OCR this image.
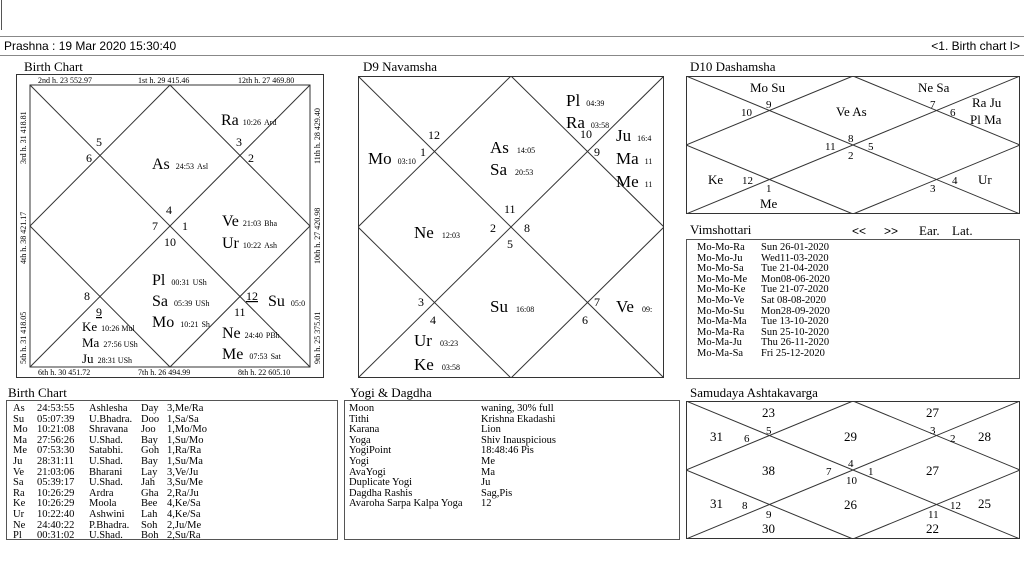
Prashna : 19 Mar 2020 15:30:40	<1. Birth chart I>
Birth Chart
2nd h. 23 552.97	1st h. 29 415.46	12th h. 27 469.80
6th h. 30 451.72	7th h. 26 494.99	8th h. 22 605.10
3rd h. 31 418.81
4th h. 38 421.17
5th h. 31 418.05
11th h. 28 429.40
10th h. 27 420.98
9th h. 25 375.01
5
6
3
2
4
7 1
10
8
9
12
11
Ra 10:26 Ard
As 24:53 Asl
Ve 21:03 Bha
Ur 10:22 Ash
Pl 00:31 USh
Sa 05:39 USh
Mo 10:21 Sh
Su 05:0
Ne 24:40 PBh
Me 07:53 Sat
Ke 10:26 Mul
Ma 27:56 USh
Ju 28:31 USh
D9 Navamsha
12
1
10
9
2 8
11
5
3
4
7
6
Pl 04:39
Ra 03:58
Ju 16:4
Ma 11
Me 11
Mo 03:10
As 14:05
Sa 20:53
Ne 12:03
Su 16:08	Ve 09:
Ur 03:23
Ke 03:58
D10 Dashamsha
9
10
7
6
8
11	5
2
12
1	3
4
Mo Su	Ne Sa
Ra Ju
Pl Ma
Ve As
Ke
Me
Ur
Vimshottari	<< >> Ear. Lat.
Mo-Mo-Ra Sun 26-01-2020
Mo-Mo-Ju Wed11-03-2020
Mo-Mo-Sa Tue 21-04-2020
Mo-Mo-Me Mon08-06-2020
Mo-Mo-Ke Tue 21-07-2020
Mo-Mo-Ve Sat 08-08-2020
Mo-Mo-Su Mon28-09-2020
Mo-Ma-Ma Tue 13-10-2020
Mo-Ma-Ra Sun 25-10-2020
Mo-Ma-Ju Thu 26-11-2020
Mo-Ma-Sa Fri 25-12-2020
Birth Chart
As 24:53:55 Ashlesha Day 3,Me/Ra
Su 05:07:39 U.Bhadra. Doo 1,Sa/Sa
Mo 10:21:08 Shravana Joo 1,Mo/Mo
Ma 27:56:26 U.Shad. Bay 1,Su/Mo
Me 07:53:30 Satabhi. Goh 1,Ra/Ra
Ju 28:31:11 U.Shad. Bay 1,Su/Ma
Ve 21:03:06 Bharani Lay 3,Ve/Ju
Sa 05:39:17 U.Shad. Jah 3,Su/Me
Ra 10:26:29 Ardra	Gha 2,Ra/Ju
Ke 10:26:29 Moola Bee 4,Ke/Sa
Ur 10:22:40 Ashwini Lah 4,Ke/Sa
Ne 24:40:22 P.Bhadra. Soh 2,Ju/Me
Pl 00:31:02 U.Shad. Boh 2,Su/Ra
Yogi & Dagdha
Moon	waning, 30% full
Tithi	Krishna Ekadashi
Karana	Lion
Yoga	Shiv Inauspicious
YogiPoint	18:48:46 Pis
Yogi	Me
AvaYogi	Ma
Duplicate Yogi	Ju
Dagdha Rashis	Sag,Pis
Avaroha Sarpa Kalpa Yoga 12
Samudaya Ashtakavarga
5
6
3
2
4
7	1
10
8
9
12
11
23
31
27
28
29
38	27
31	26
30	22
25
